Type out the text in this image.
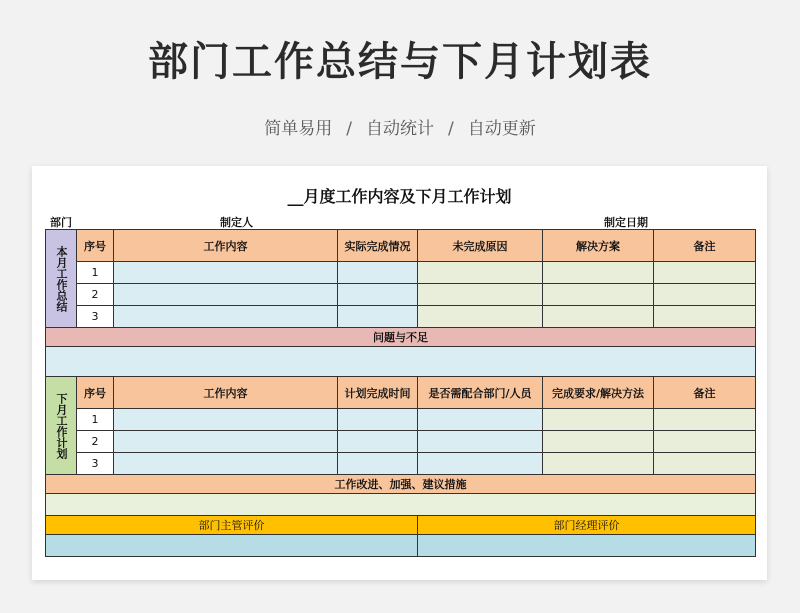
部门工作总结与下月计划表
简单易用 / 自动统计 / 自动更新
__月度工作内容及下月工作计划
部门	制定人	制定日期
本月工作总结	序号	工作内容	实际完成情况	未完成原因	解决方案	备注
	1					
	2					
	3					
问题与不足						

下月工作计划	序号	工作内容	计划完成时间	是否需配合部门/人员	完成要求/解决方法	备注
	1					
	2					
	3					
工作改进、加强、建议措施						

部门主管评价				部门经理评价		
